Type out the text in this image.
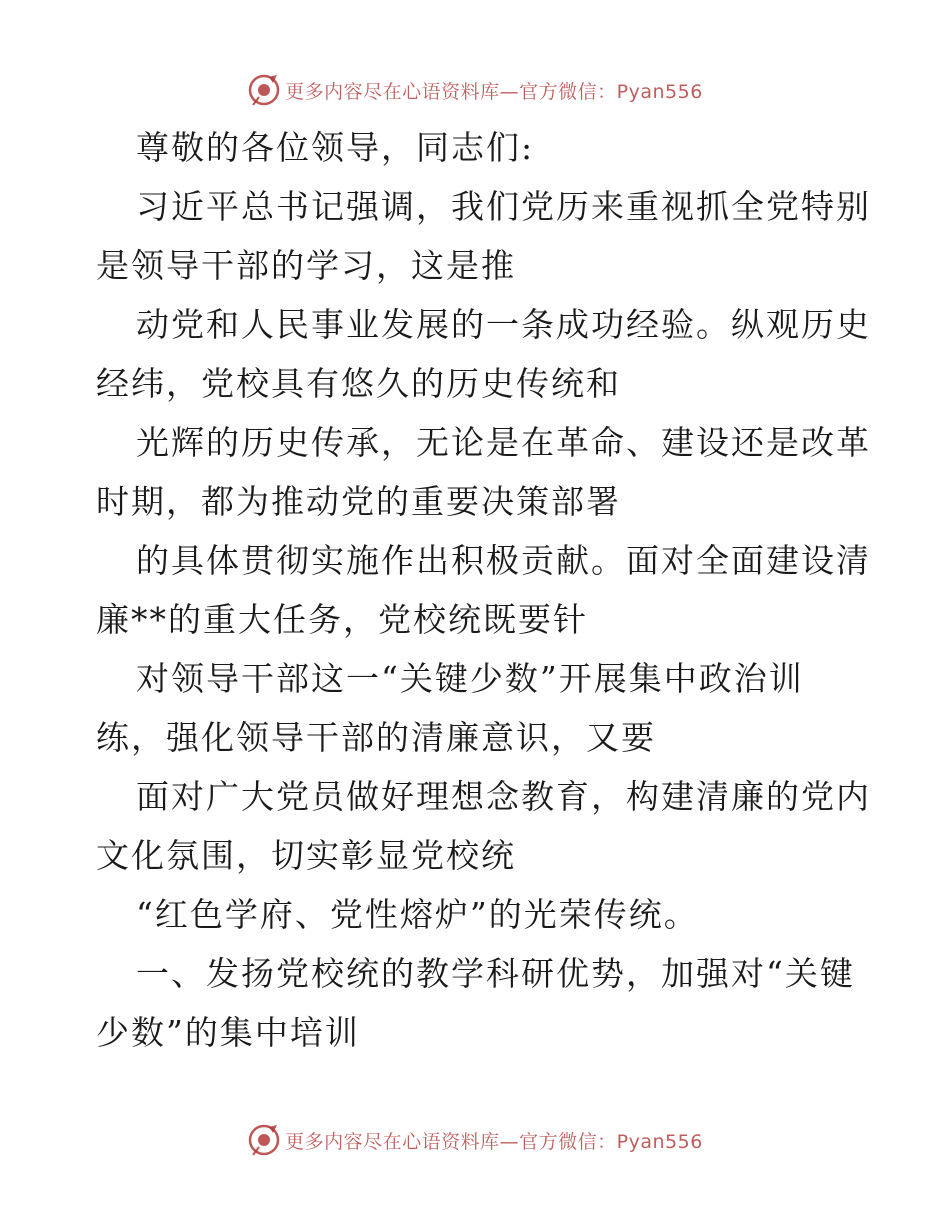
更多内容尽在心语资料库—官方微信：Pyan556

尊敬的各位领导，同志们:

习近平总书记强调，我们党历来重视抓全党特别
是领导干部的学习，这是推

动党和人民事业发展的一条成功经验。纵观历史
经纬，党校具有悠久的历史传统和

光辉的历史传承，无论是在革命、建设还是改革
时期，都为推动党的重要决策部署

的具体贯彻实施作出积极贡献。面对全面建设清
廉**的重大任务，党校统既要针

对领导干部这一“关键少数”开展集中政治训
练，强化领导干部的清廉意识，又要

面对广大党员做好理想念教育，构建清廉的党内
文化氛围，切实彰显党校统

“红色学府、党性熔炉”的光荣传统。

一、发扬党校统的教学科研优势，加强对“关键
少数”的集中培训

更多内容尽在心语资料库—官方微信：Pyan556
